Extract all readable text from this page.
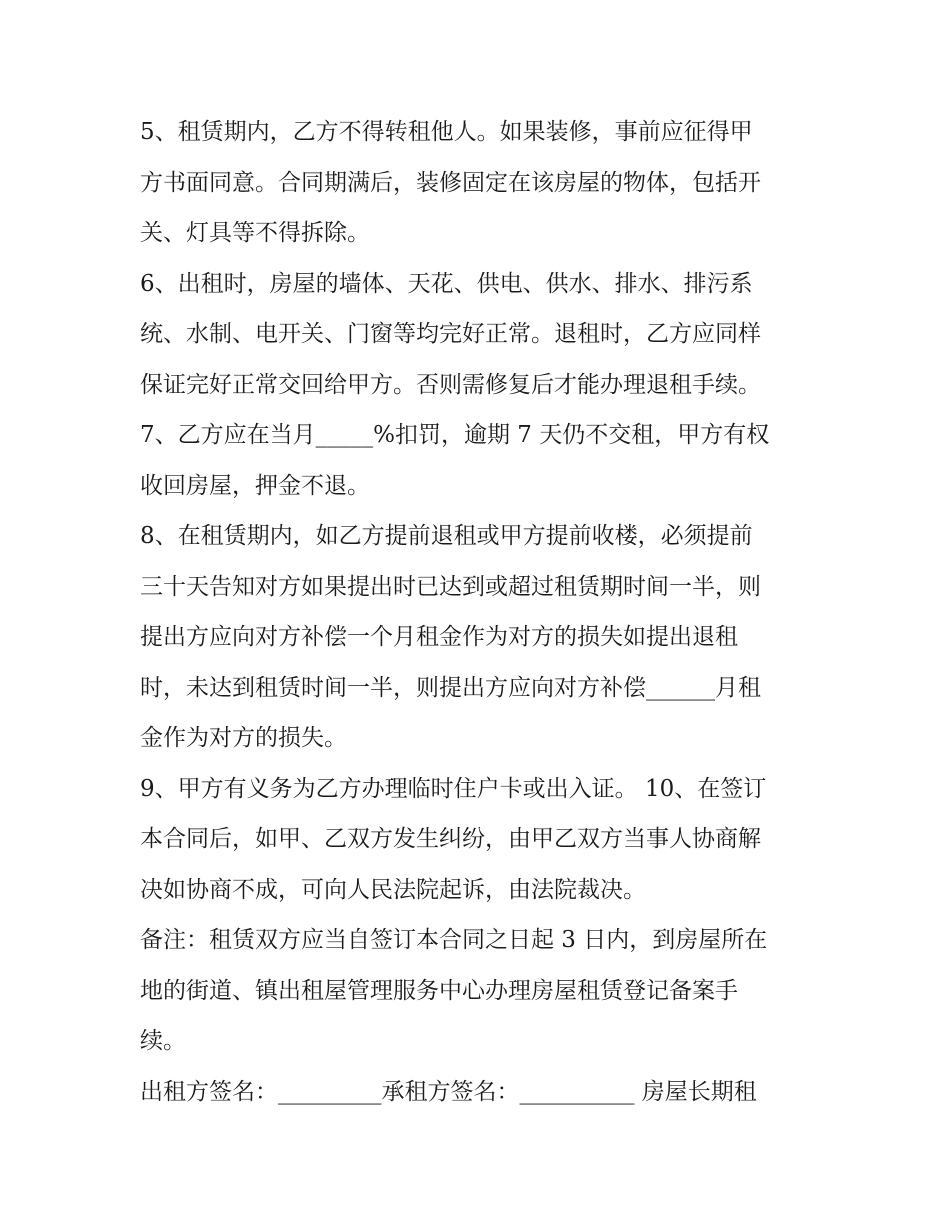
5、租赁期内，乙方不得转租他人。如果装修，事前应征得甲

方书面同意。合同期满后，装修固定在该房屋的物体，包括开

关、灯具等不得拆除。

6、出租时，房屋的墙体、天花、供电、供水、排水、排污系

统、水制、电开关、门窗等均完好正常。退租时，乙方应同样

保证完好正常交回给甲方。否则需修复后才能办理退租手续。

7、乙方应在当月_____%扣罚，逾期 7 天仍不交租，甲方有权

收回房屋，押金不退。

8、在租赁期内，如乙方提前退租或甲方提前收楼，必须提前

三十天告知对方如果提出时已达到或超过租赁期时间一半，则

提出方应向对方补偿一个月租金作为对方的损失如提出退租

时，未达到租赁时间一半，则提出方应向对方补偿______月租

金作为对方的损失。

9、甲方有义务为乙方办理临时住户卡或出入证。 10、在签订

本合同后，如甲、乙双方发生纠纷，由甲乙双方当事人协商解

决如协商不成，可向人民法院起诉，由法院裁决。

备注：租赁双方应当自签订本合同之日起 3 日内，到房屋所在

地的街道、镇出租屋管理服务中心办理房屋租赁登记备案手

续。

出租方签名：_________承租方签名：__________ 房屋长期租
